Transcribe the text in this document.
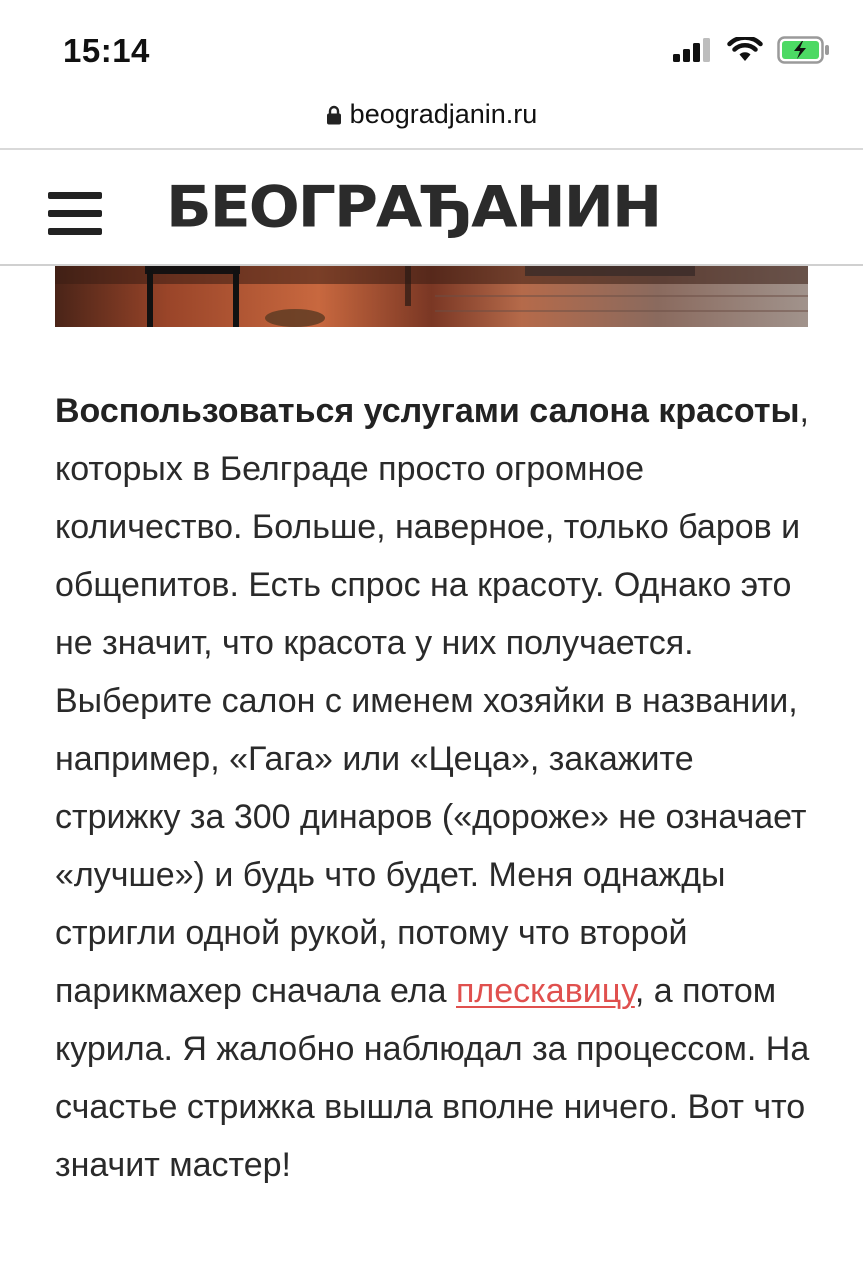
15:14
beogradjanin.ru
БЕОГРАЂАНИН
Воспользоваться услугами салона красоты, которых в Белграде просто огромное количество. Больше, наверное, только баров и общепитов. Есть спрос на красоту. Однако это не значит, что красота у них получается. Выберите салон с именем хозяйки в названии, например, «Гага» или «Цеца», закажите стрижку за 300 динаров («дороже» не означает «лучше») и будь что будет. Меня однажды стригли одной рукой, потому что второй парикмахер сначала ела плескавицу, а потом курила. Я жалобно наблюдал за процессом. На счастье стрижка вышла вполне ничего. Вот что значит мастер!
